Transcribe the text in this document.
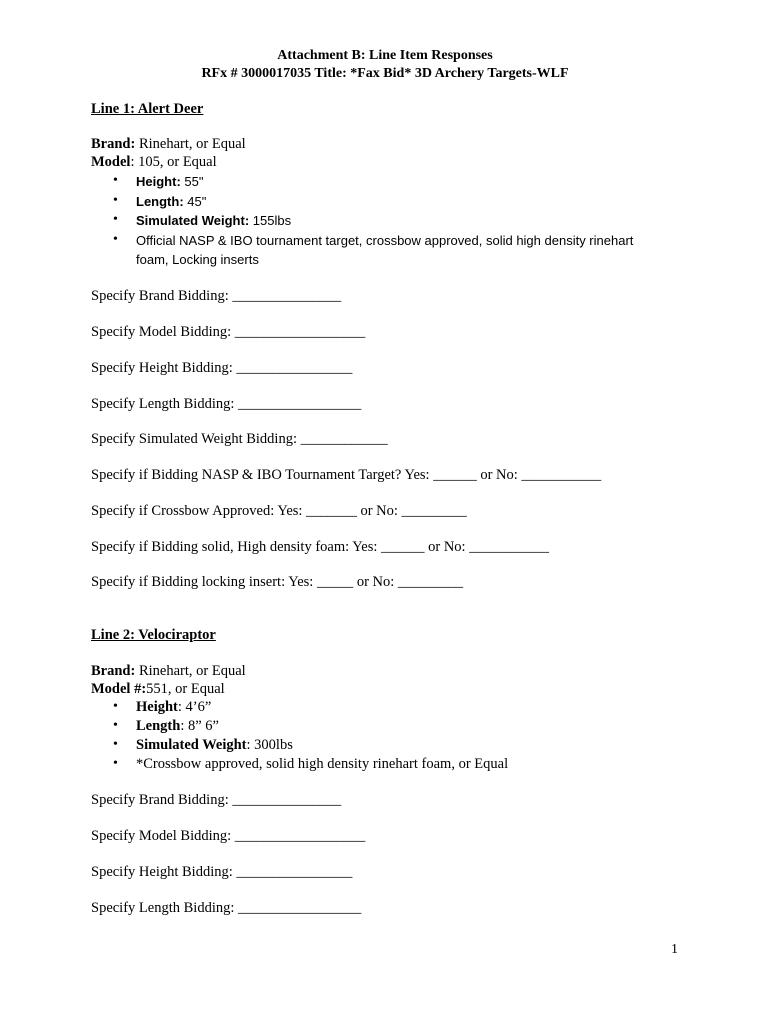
Attachment B: Line Item Responses
RFx # 3000017035 Title: *Fax Bid* 3D Archery Targets-WLF
Line 1: Alert Deer
Brand: Rinehart, or Equal
Model: 105, or Equal
• Height: 55"
• Length: 45"
• Simulated Weight: 155lbs
• Official NASP & IBO tournament target, crossbow approved, solid high density rinehart
foam, Locking inserts
Specify Brand Bidding: _______________
Specify Model Bidding: __________________
Specify Height Bidding: ________________
Specify Length Bidding: _________________
Specify Simulated Weight Bidding: ____________
Specify if Bidding NASP & IBO Tournament Target? Yes: ______ or No: ___________
Specify if Crossbow Approved: Yes: _______ or No: _________
Specify if Bidding solid, High density foam: Yes: ______ or No: ___________
Specify if Bidding locking insert: Yes: _____ or No: _________
Line 2: Velociraptor
Brand: Rinehart, or Equal
Model #:551, or Equal
• Height: 4’6”
• Length: 8” 6”
• Simulated Weight: 300lbs
• *Crossbow approved, solid high density rinehart foam, or Equal
Specify Brand Bidding: _______________
Specify Model Bidding: __________________
Specify Height Bidding: ________________
Specify Length Bidding: _________________
1
